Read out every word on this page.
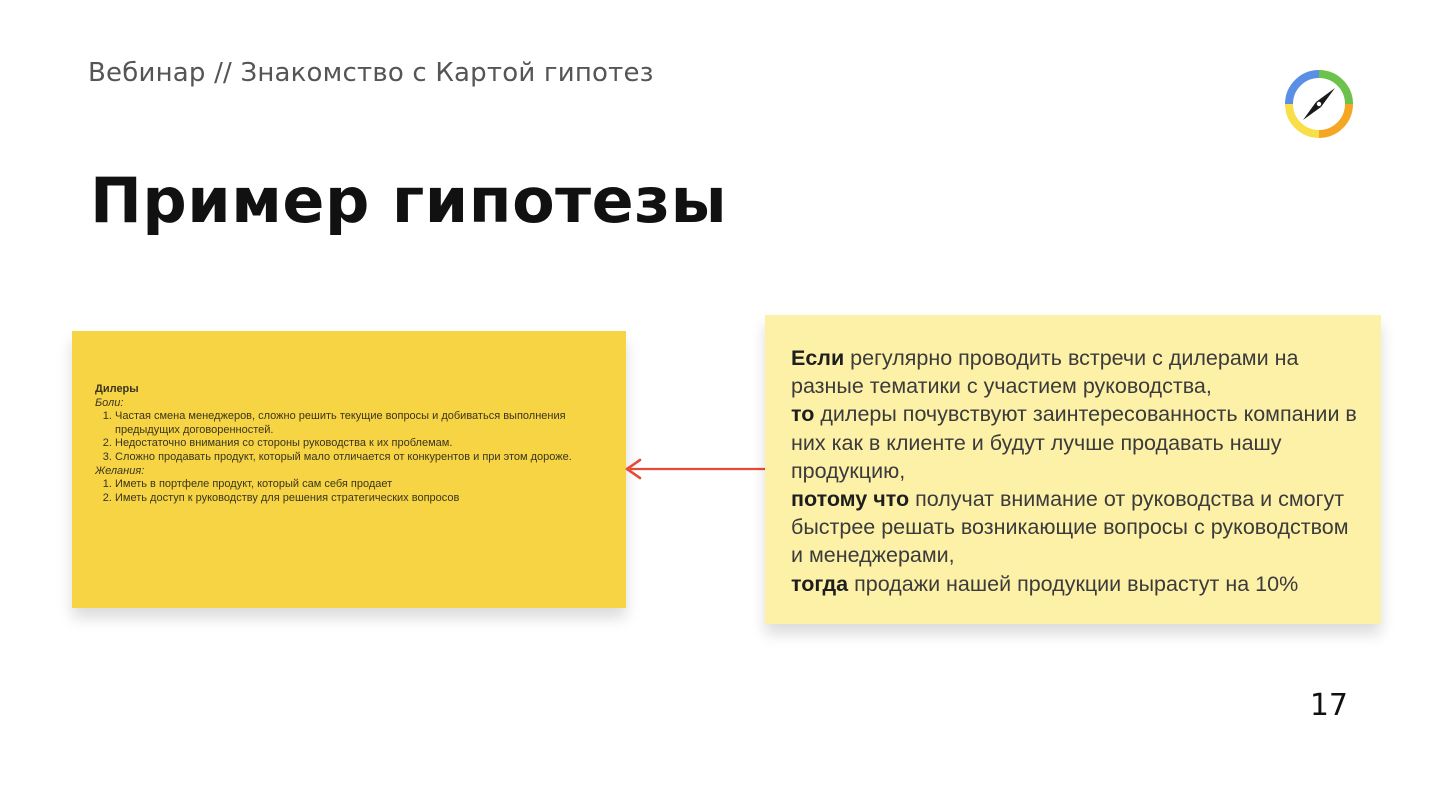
Вебинар // Знакомство с Картой гипотез
Пример гипотезы
Дилеры
Боли:
1. Частая смена менеджеров, сложно решить текущие вопросы и добиваться выполнения предыдущих договоренностей.
2. Недостаточно внимания со стороны руководства к их проблемам.
3. Сложно продавать продукт, который мало отличается от конкурентов и при этом дороже.
Желания:
1. Иметь в портфеле продукт, который сам себя продает
2. Иметь доступ к руководству для решения стратегических вопросов
Если регулярно проводить встречи с дилерами на разные тематики с участием руководства,
то дилеры почувствуют заинтересованность компании в них как в клиенте и будут лучше продавать нашу продукцию,
потому что получат внимание от руководства и смогут быстрее решать возникающие вопросы с руководством и менеджерами,
тогда продажи нашей продукции вырастут на 10%
17
